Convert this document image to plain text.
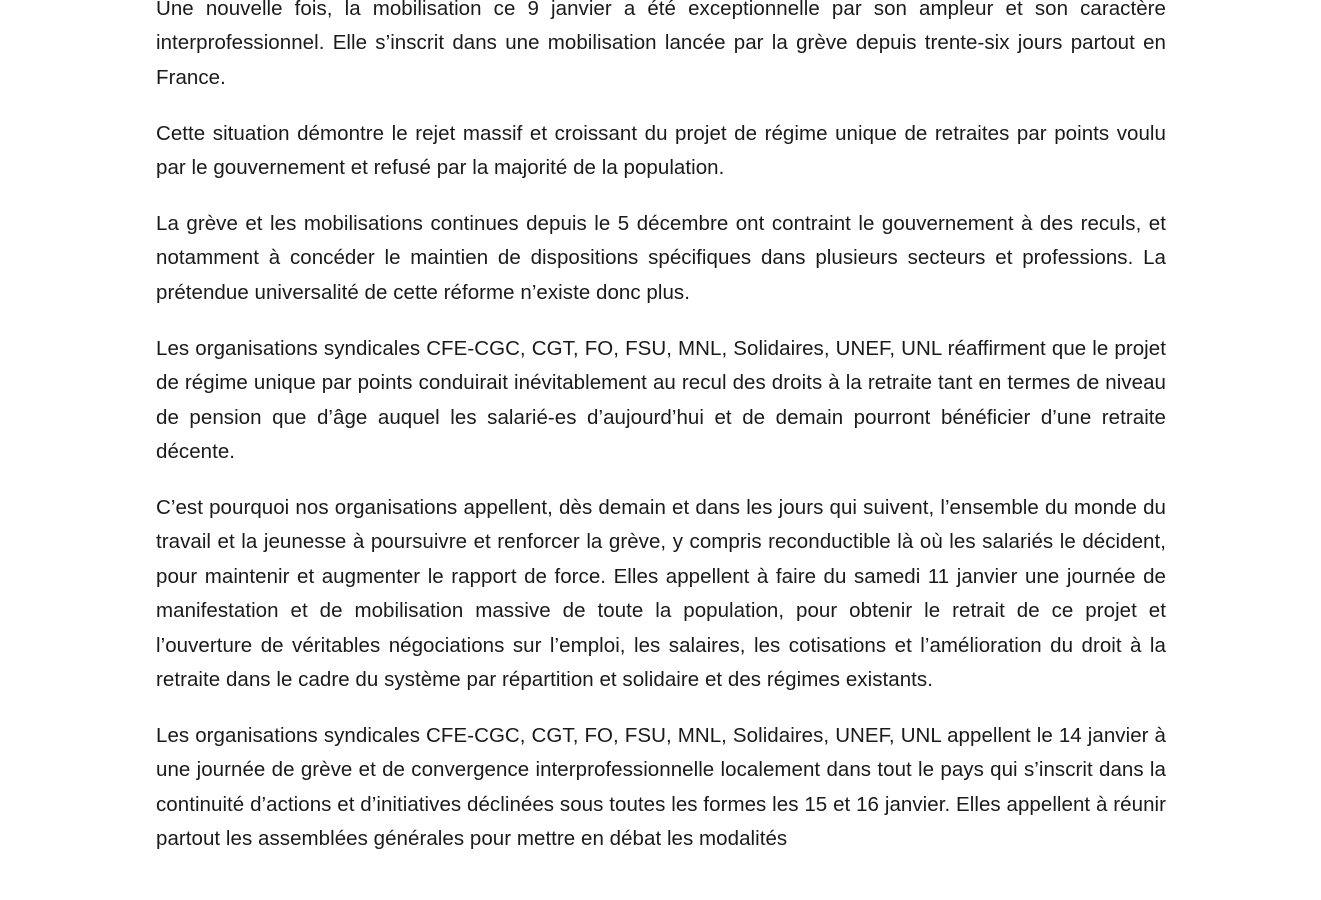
Une nouvelle fois, la mobilisation ce 9 janvier a été exceptionnelle par son ampleur et son caractère interprofessionnel. Elle s’inscrit dans une mobilisation lancée par la grève depuis trente-six jours partout en France.

Cette situation démontre le rejet massif et croissant du projet de régime unique de retraites par points voulu par le gouvernement et refusé par la majorité de la population.

La grève et les mobilisations continues depuis le 5 décembre ont contraint le gouvernement à des reculs, et notamment à concéder le maintien de dispositions spécifiques dans plusieurs secteurs et professions. La prétendue universalité de cette réforme n’existe donc plus.

Les organisations syndicales CFE-CGC, CGT, FO, FSU, MNL, Solidaires, UNEF, UNL réaffirment que le projet de régime unique par points conduirait inévitablement au recul des droits à la retraite tant en termes de niveau de pension que d’âge auquel les salarié-es d’aujourd’hui et de demain pourront bénéficier d’une retraite décente.

C’est pourquoi nos organisations appellent, dès demain et dans les jours qui suivent, l’ensemble du monde du travail et la jeunesse à poursuivre et renforcer la grève, y compris reconductible là où les salariés le décident, pour maintenir et augmenter le rapport de force. Elles appellent à faire du samedi 11 janvier une journée de manifestation et de mobilisation massive de toute la population, pour obtenir le retrait de ce projet et l’ouverture de véritables négociations sur l’emploi, les salaires, les cotisations et l’amélioration du droit à la retraite dans le cadre du système par répartition et solidaire et des régimes existants.

Les organisations syndicales CFE-CGC, CGT, FO, FSU, MNL, Solidaires, UNEF, UNL appellent le 14 janvier à une journée de grève et de convergence interprofessionnelle localement dans tout le pays qui s’inscrit dans la continuité d’actions et d’initiatives déclinées sous toutes les formes les 15 et 16 janvier. Elles appellent à réunir partout les assemblées générales pour mettre en débat les modalités
